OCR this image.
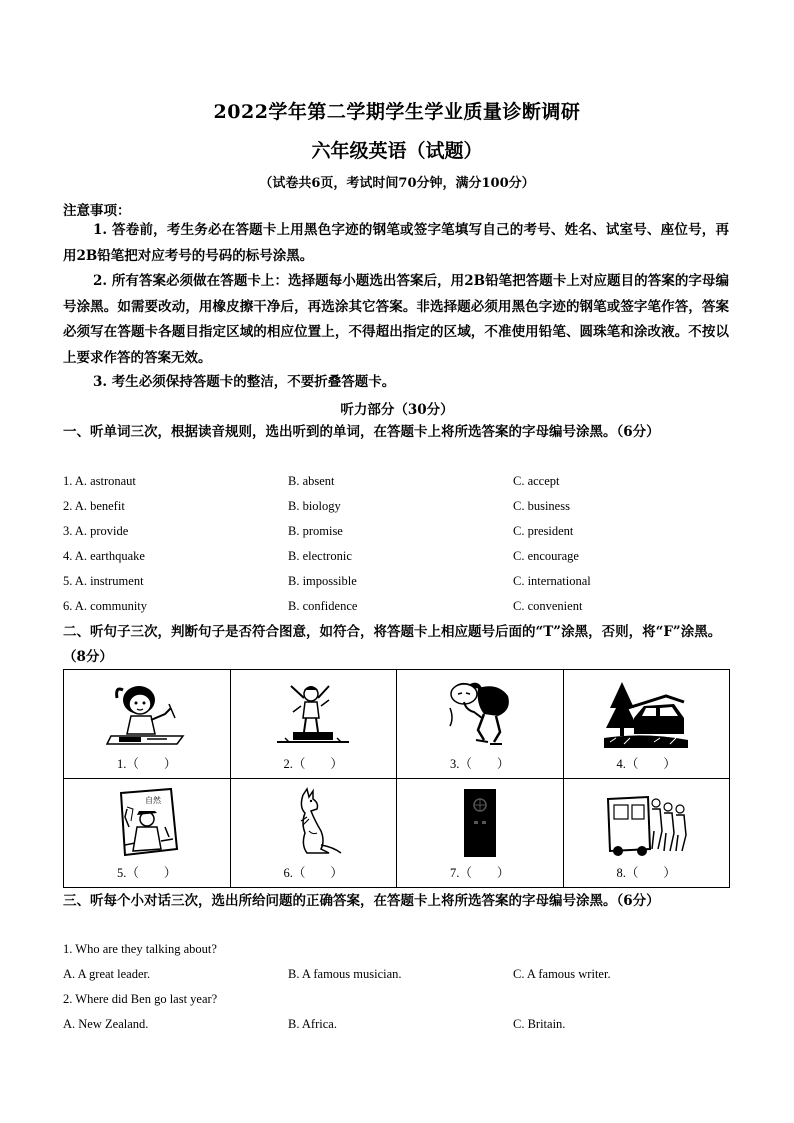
2022学年第二学期学生学业质量诊断调研
六年级英语（试题）
（试卷共6页，考试时间70分钟，满分100分）
注意事项：
1. 答卷前，考生务必在答题卡上用黑色字迹的钢笔或签字笔填写自己的考号、姓名、试室号、座位号，再用2B铅笔把对应考号的号码的标号涂黑。
2. 所有答案必须做在答题卡上：选择题每小题选出答案后，用2B铅笔把答题卡上对应题目的答案的字母编号涂黑。如需要改动，用橡皮擦干净后，再选涂其它答案。非选择题必须用黑色字迹的钢笔或签字笔作答，答案必须写在答题卡各题目指定区域的相应位置上，不得超出指定的区域，不准使用铅笔、圆珠笔和涂改液。不按以上要求作答的答案无效。
3. 考生必须保持答题卡的整洁，不要折叠答题卡。
听力部分（30分）
一、听单词三次，根据读音规则，选出听到的单词，在答题卡上将所选答案的字母编号涂黑。（6分）
1. A. astronaut	B. absent	C. accept
2. A. benefit	B. biology	C. business
3. A. provide	B. promise	C. president
4. A. earthquake	B. electronic	C. encourage
5. A. instrument	B. impossible	C. international
6. A. community	B. confidence	C. convenient
二、听句子三次，判断句子是否符合图意，如符合，将答题卡上相应题号后面的“T”涂黑，否则，将“F”涂黑。（8分）
1.（　　）	2.（　　）	3.（　　）	4.（　　）

自然
5.（　　）	6.（　　）	7.（　　）	8.（　　）
三、听每个小对话三次，选出所给问题的正确答案，在答题卡上将所选答案的字母编号涂黑。（6分）
1. Who are they talking about?
A. A great leader.	B. A famous musician.	C. A famous writer.
2. Where did Ben go last year?
A. New Zealand.	B. Africa.	C. Britain.
